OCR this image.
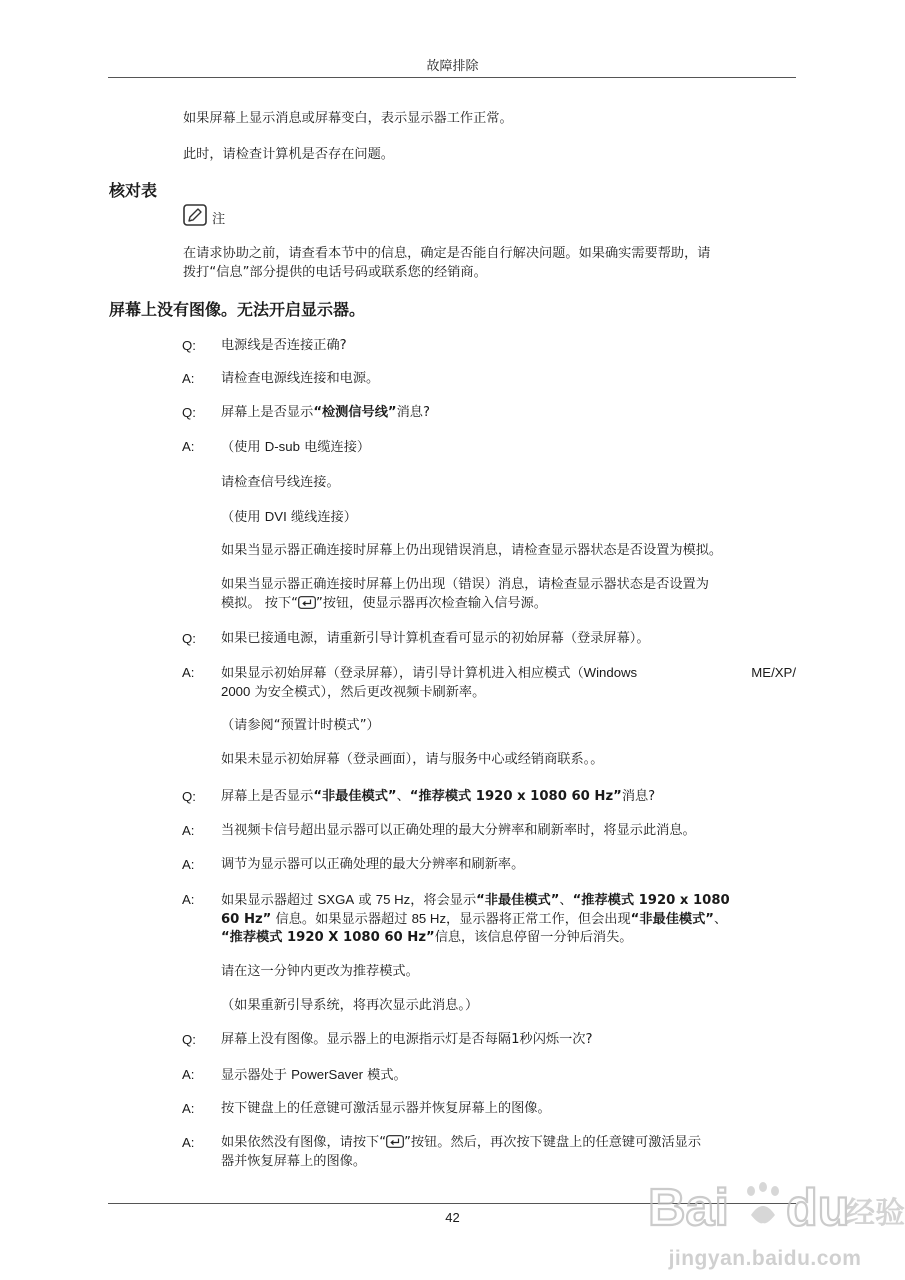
故障排除
如果屏幕上显示消息或屏幕变白，表示显示器工作正常。
此时，请检查计算机是否存在问题。
核对表
注
在请求协助之前，请查看本节中的信息，确定是否能自行解决问题。如果确实需要帮助，请
拨打“信息”部分提供的电话号码或联系您的经销商。
屏幕上没有图像。无法开启显示器。
Q: 电源线是否连接正确?
A: 请检查电源线连接和电源。
Q: 屏幕上是否显示“检测信号线”消息?
A: （使用 D-sub 电缆连接）
请检查信号线连接。
（使用 DVI 缆线连接）
如果当显示器正确连接时屏幕上仍出现错误消息，请检查显示器状态是否设置为模拟。
如果当显示器正确连接时屏幕上仍出现（错误）消息，请检查显示器状态是否设置为
模拟。 按下“ ”按钮，使显示器再次检查输入信号源。
Q: 如果已接通电源，请重新引导计算机查看可显示的初始屏幕（登录屏幕）。
A: 如果显示初始屏幕（登录屏幕），请引导计算机进入相应模式（Windows	ME/XP/
2000 为安全模式），然后更改视频卡刷新率。
（请参阅“预置计时模式”）
如果未显示初始屏幕（登录画面），请与服务中心或经销商联系。。
Q: 屏幕上是否显示“非最佳模式”、“推荐模式 1920 x 1080 60 Hz”消息?
A: 当视频卡信号超出显示器可以正确处理的最大分辨率和刷新率时，将显示此消息。
A: 调节为显示器可以正确处理的最大分辨率和刷新率。
A: 如果显示器超过 SXGA 或 75 Hz，将会显示“非最佳模式”、“推荐模式 1920 x 1080
60 Hz” 信息。如果显示器超过 85 Hz，显示器将正常工作，但会出现“非最佳模式”、
“推荐模式 1920 X 1080 60 Hz”信息，该信息停留一分钟后消失。
请在这一分钟内更改为推荐模式。
（如果重新引导系统，将再次显示此消息。）
Q: 屏幕上没有图像。显示器上的电源指示灯是否每隔1秒闪烁一次?
A: 显示器处于 PowerSaver 模式。
A: 按下键盘上的任意键可激活显示器并恢复屏幕上的图像。
A: 如果依然没有图像，请按下“ ”按钮。然后，再次按下键盘上的任意键可激活显示
器并恢复屏幕上的图像。
42	Bai du
经验
jingyan.baidu.com
